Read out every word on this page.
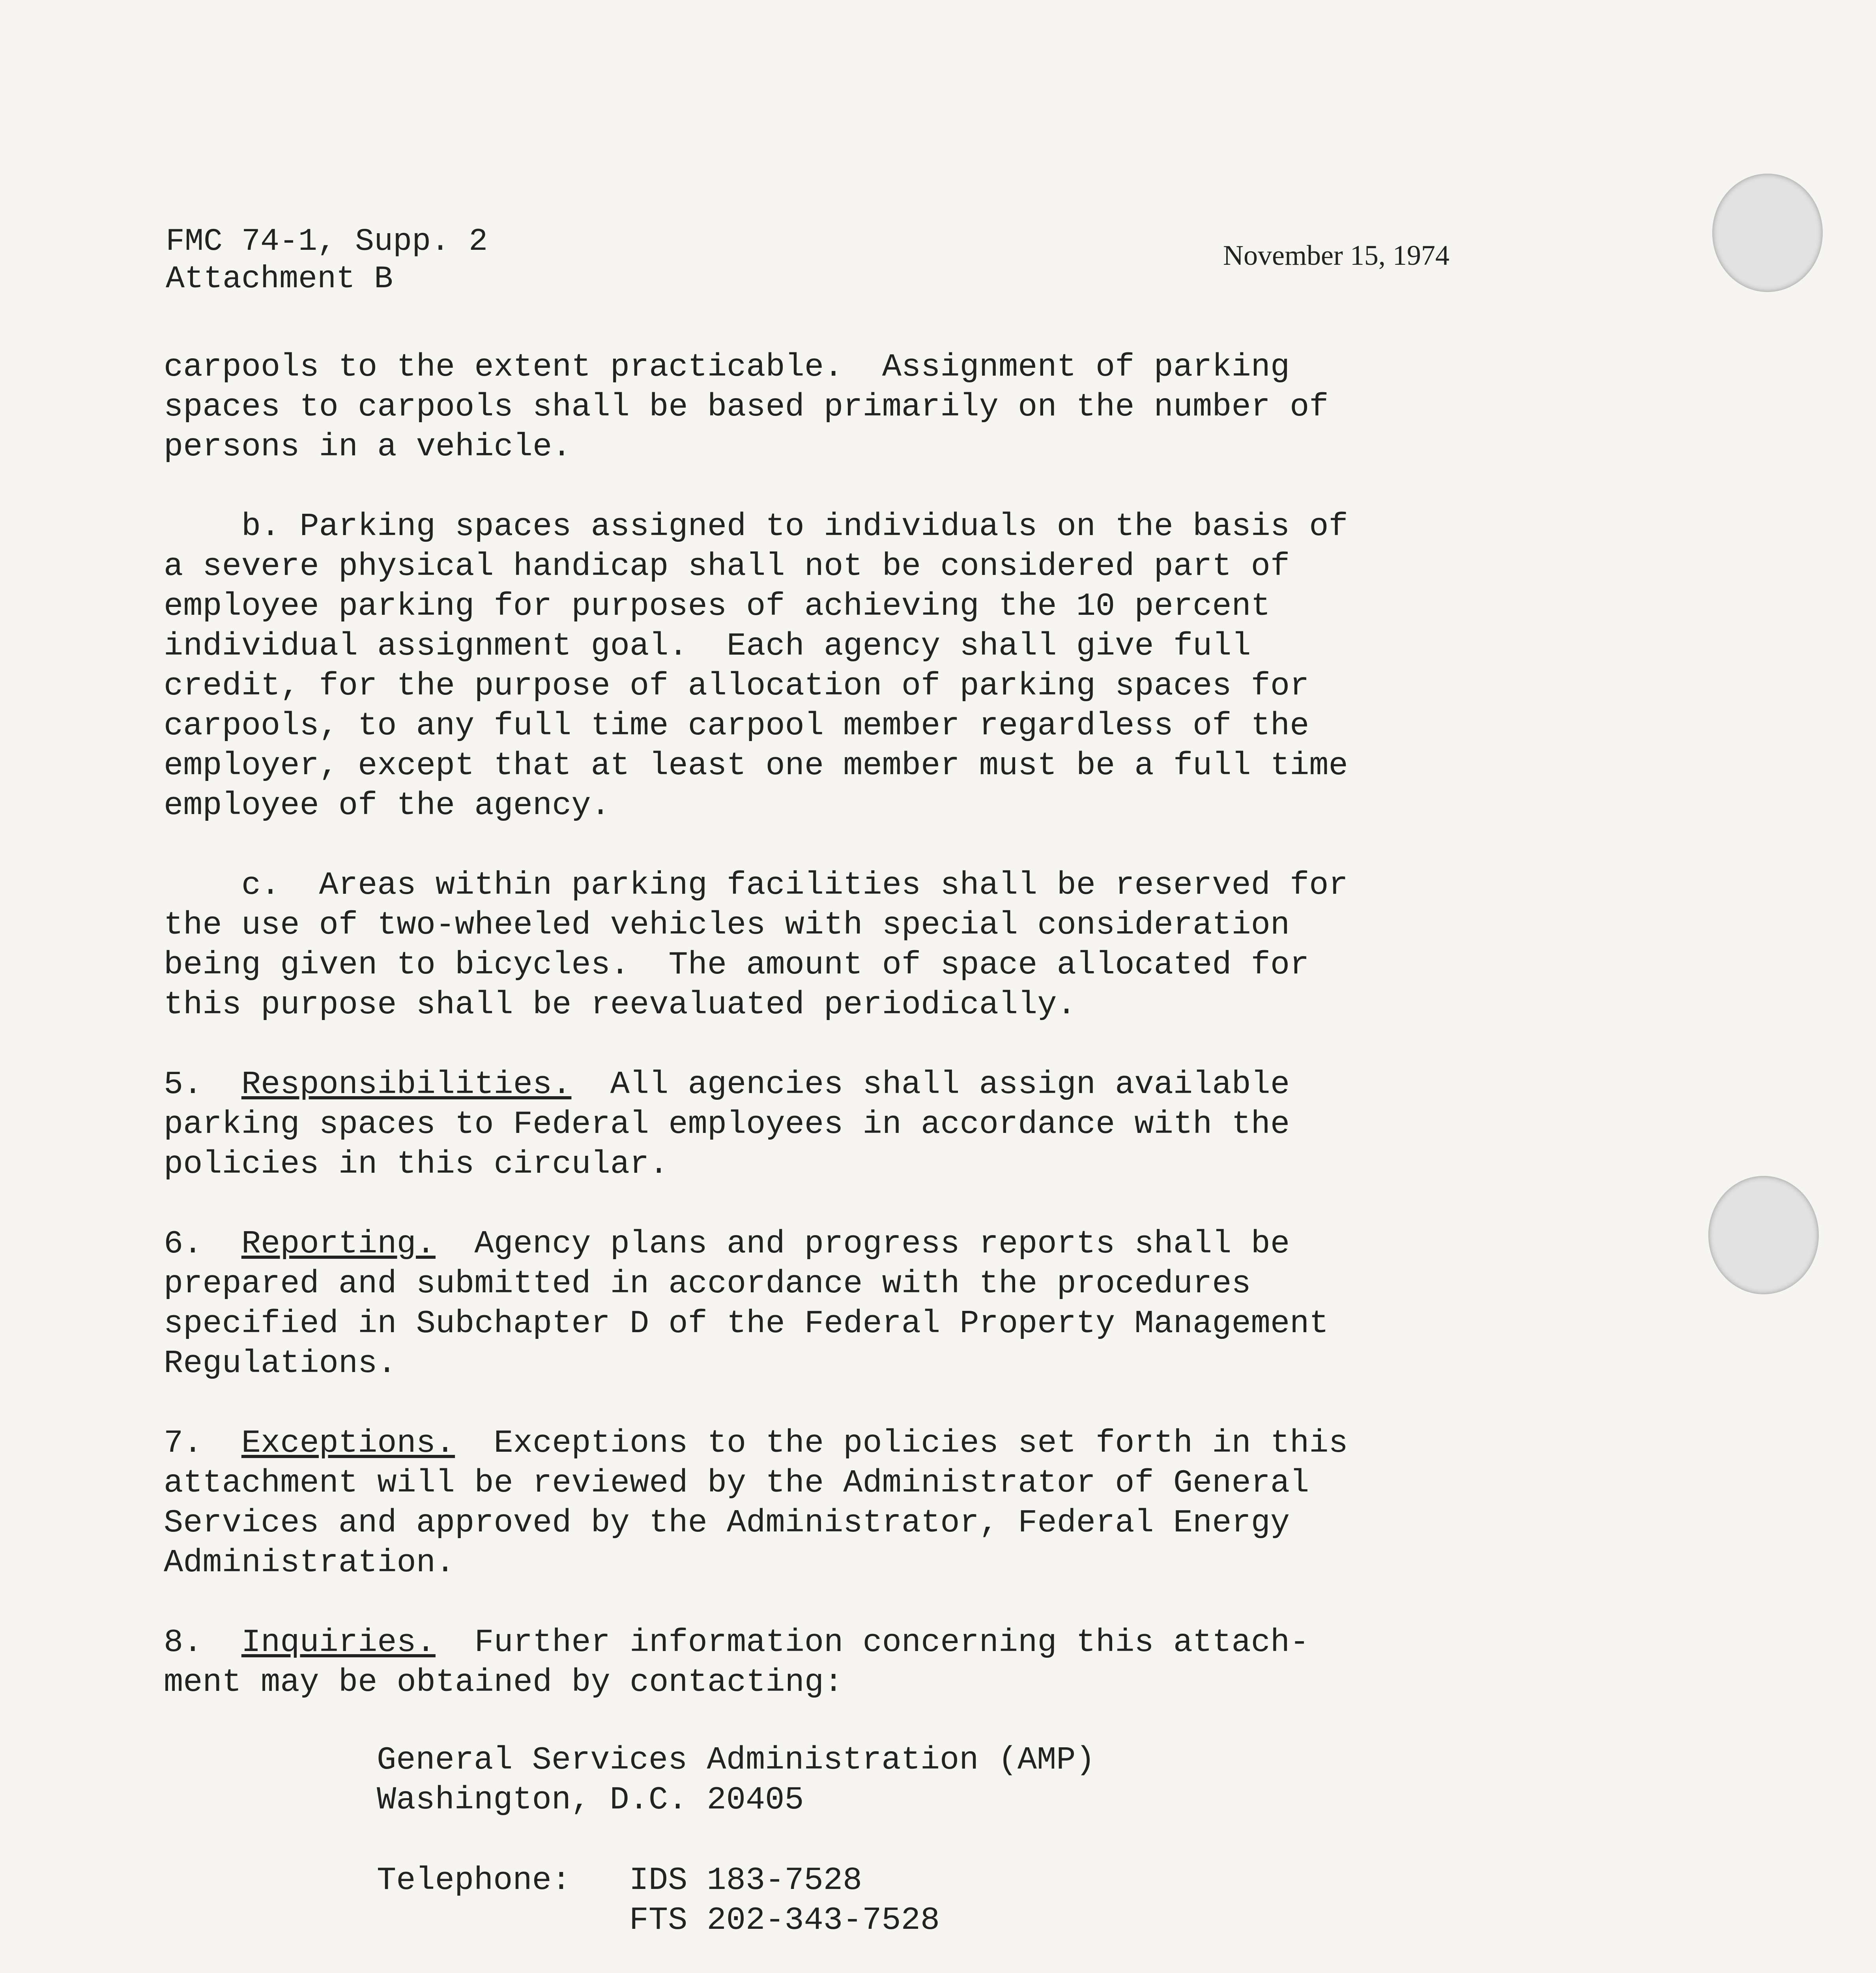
FMC 74-1, Supp. 2
Attachment B
November 15, 1974

carpools to the extent practicable.  Assignment of parking
spaces to carpools shall be based primarily on the number of
persons in a vehicle.

b. Parking spaces assigned to individuals on the basis of
a severe physical handicap shall not be considered part of
employee parking for purposes of achieving the 10 percent
individual assignment goal.  Each agency shall give full
credit, for the purpose of allocation of parking spaces for
carpools, to any full time carpool member regardless of the
employer, except that at least one member must be a full time
employee of the agency.

c.  Areas within parking facilities shall be reserved for
the use of two-wheeled vehicles with special consideration
being given to bicycles.  The amount of space allocated for
this purpose shall be reevaluated periodically.

5.  Responsibilities.  All agencies shall assign available
parking spaces to Federal employees in accordance with the
policies in this circular.

6.  Reporting.  Agency plans and progress reports shall be
prepared and submitted in accordance with the procedures
specified in Subchapter D of the Federal Property Management
Regulations.

7.  Exceptions.  Exceptions to the policies set forth in this
attachment will be reviewed by the Administrator of General
Services and approved by the Administrator, Federal Energy
Administration.

8.  Inquiries.  Further information concerning this attach-
ment may be obtained by contacting:

General Services Administration (AMP)
Washington, D.C. 20405
Telephone: IDS 183-7528
FTS 202-343-7528
